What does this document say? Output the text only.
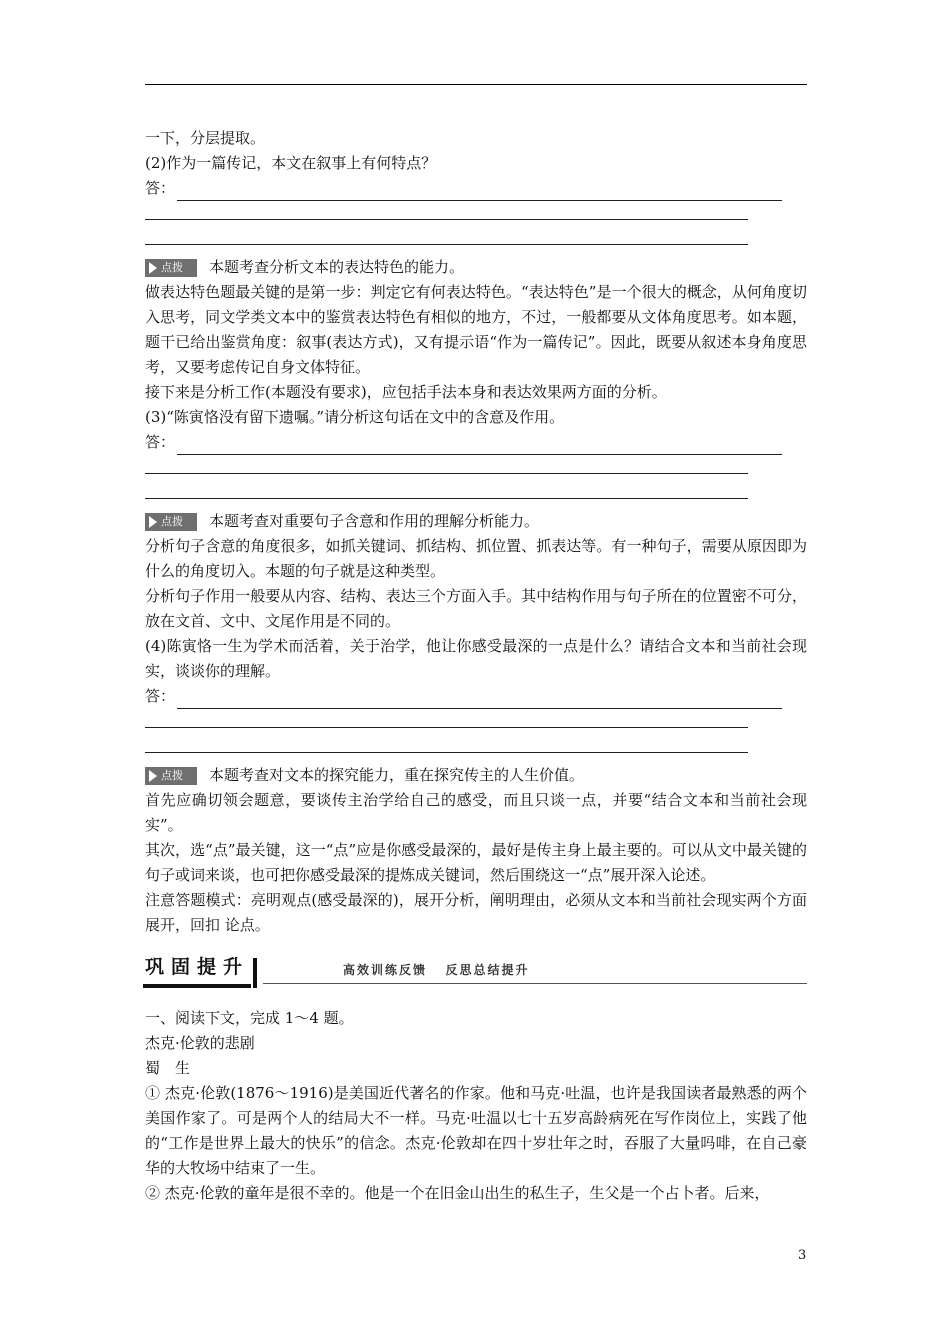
一下，分层提取。

(2)作为一篇传记，本文在叙事上有何特点？

答：
点拨 本题考查分析文本的表达特色的能力。

做表达特色题最关键的是第一步：判定它有何表达特色。“表达特色”是一个很大的概念，从何角度切入思考，同文学类文本中的鉴赏表达特色有相似的地方，不过，一般都要从文体角度思考。如本题，题干已给出鉴赏角度：叙事(表达方式)，又有提示语“作为一篇传记”。因此，既要从叙述本身角度思考，又要考虑传记自身文体特征。

接下来是分析工作(本题没有要求)，应包括手法本身和表达效果两方面的分析。

(3)“陈寅恪没有留下遗嘱。”请分析这句话在文中的含意及作用。

答：
点拨 本题考查对重要句子含意和作用的理解分析能力。

分析句子含意的角度很多，如抓关键词、抓结构、抓位置、抓表达等。有一种句子，需要从原因即为什么的角度切入。本题的句子就是这种类型。

分析句子作用一般要从内容、结构、表达三个方面入手。其中结构作用与句子所在的位置密不可分，放在文首、文中、文尾作用是不同的。

(4)陈寅恪一生为学术而活着，关于治学，他让你感受最深的一点是什么？请结合文本和当前社会现实，谈谈你的理解。

答：
点拨 本题考查对文本的探究能力，重在探究传主的人生价值。

首先应确切领会题意，要谈传主治学给自己的感受，而且只谈一点，并要“结合文本和当前社会现实”。

其次，选“点”最关键，这一“点”应是你感受最深的，最好是传主身上最主要的。可以从文中最关键的句子或词来谈，也可把你感受最深的提炼成关键词，然后围绕这一“点”展开深入论述。

注意答题模式：亮明观点(感受最深的)，展开分析，阐明理由，必须从文本和当前社会现实两个方面展开，回扣 论点。

巩固提升	高效训练反馈   反思总结提升

一、阅读下文，完成 1～4 题。

杰克·伦敦的悲剧

蜀　生

① 杰克·伦敦(1876～1916)是美国近代著名的作家。他和马克·吐温，也许是我国读者最熟悉的两个美国作家了。可是两个人的结局大不一样。马克·吐温以七十五岁高龄病死在写作岗位上，实践了他的“工作是世界上最大的快乐”的信念。杰克·伦敦却在四十岁壮年之时，吞服了大量吗啡，在自己豪华的大牧场中结束了一生。

② 杰克·伦敦的童年是很不幸的。他是一个在旧金山出生的私生子，生父是一个占卜者。后来，

3
